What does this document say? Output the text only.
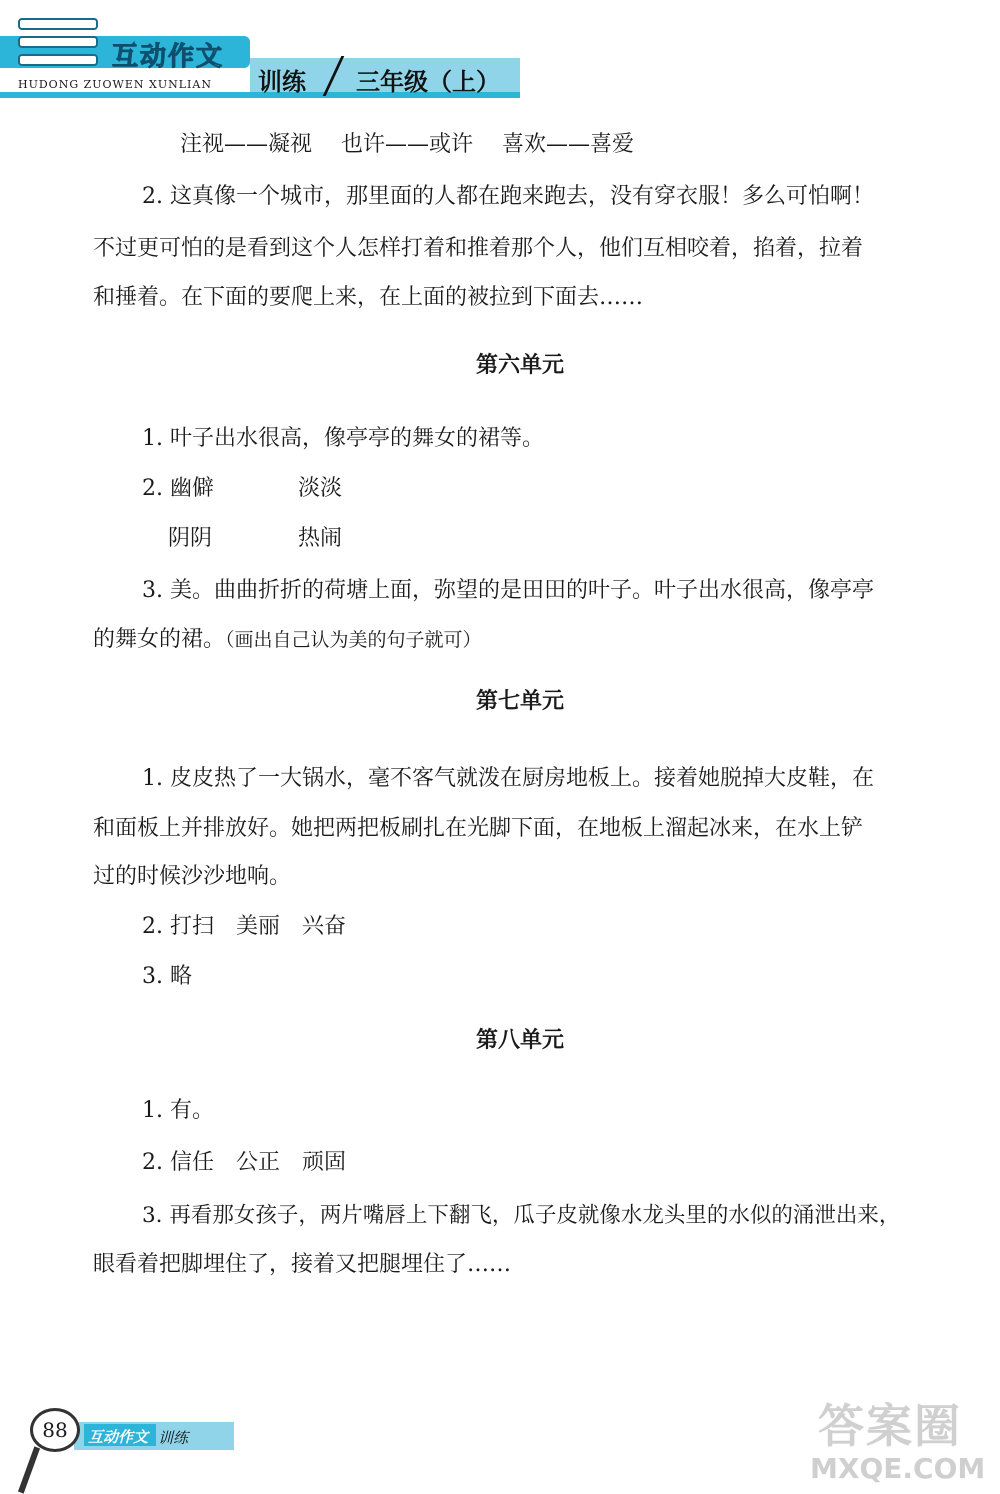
互动作文
HUDONG ZUOWEN XUNLIAN 训练 三年级（上）
注视——凝视　 也许——或许　 喜欢——喜爱
2. 这真像一个城市，那里面的人都在跑来跑去，没有穿衣服！多么可怕啊！
不过更可怕的是看到这个人怎样打着和推着那个人，他们互相咬着，掐着，拉着
和捶着。在下面的要爬上来，在上面的被拉到下面去……
第六单元
1. 叶子出水很高，像亭亭的舞女的裙等。
2. 幽僻	淡淡
阴阴	热闹
3. 美。曲曲折折的荷塘上面，弥望的是田田的叶子。叶子出水很高，像亭亭
的舞女的裙。（画出自己认为美的句子就可）
第七单元
1. 皮皮热了一大锅水，毫不客气就泼在厨房地板上。接着她脱掉大皮鞋，在
和面板上并排放好。她把两把板刷扎在光脚下面，在地板上溜起冰来，在水上铲
过的时候沙沙地响。
2. 打扫　美丽　兴奋
3. 略
第八单元
1. 有。
2. 信任　公正　顽固
3. 再看那女孩子，两片嘴唇上下翻飞，瓜子皮就像水龙头里的水似的涌泄出来，
眼看着把脚埋住了，接着又把腿埋住了……
互动作文 训练
88	答案圈
MXQE.COM
